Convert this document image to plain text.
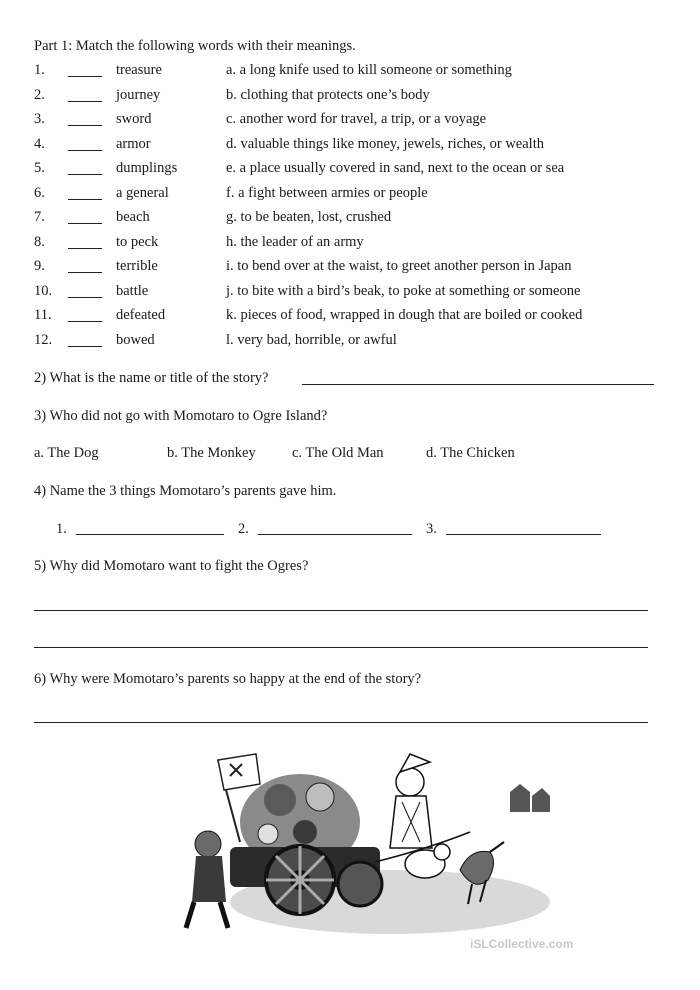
Part 1: Match the following words with their meanings.
1.	treasure	a. a long knife used to kill someone or something
2.	journey	b. clothing that protects one’s body
3.	sword	c. another word for travel, a trip, or a voyage
4.	armor	d. valuable things like money, jewels, riches, or wealth
5.	dumplings	e. a place usually covered in sand, next to the ocean or sea
6.	a general	f. a fight between armies or people
7.	beach	g. to be beaten, lost, crushed
8.	to peck	h. the leader of an army
9.	terrible	i. to bend over at the waist, to greet another person in Japan
10.	battle	j. to bite with a bird’s beak, to poke at something or someone
11.	defeated	k. pieces of food, wrapped in dough that are boiled or cooked
12.	bowed	l. very bad, horrible, or awful
2) What is the name or title of the story?
3) Who did not go with Momotaro to Ogre Island?
a. The Dog	b. The Monkey	c. The Old Man	d. The Chicken
4) Name the 3 things Momotaro’s parents gave him.
1.	2.	3.
5) Why did Momotaro want to fight the Ogres?
6) Why were Momotaro’s parents so happy at the end of the story?
iSLCollective.com
